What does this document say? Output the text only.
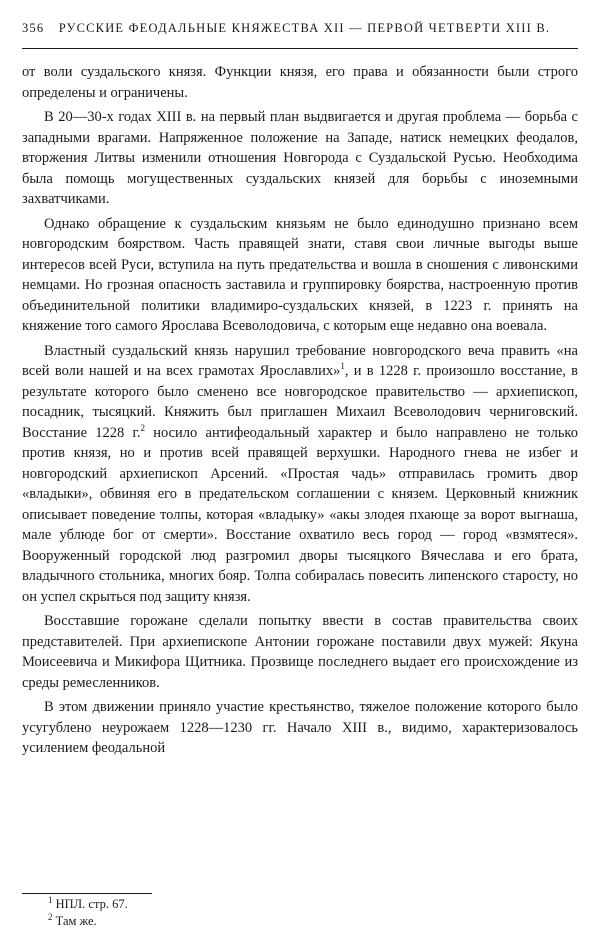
356 РУССКИЕ ФЕОДАЛЬНЫЕ КНЯЖЕСТВА XII — ПЕРВОЙ ЧЕТВЕРТИ XIII В.

от воли суздальского князя. Функции князя, его права и обязанности были строго определены и ограничены.

В 20—30-х годах XIII в. на первый план выдвигается и другая проблема — борьба с западными врагами. Напряженное положение на Западе, натиск немецких феодалов, вторжения Литвы изменили отношения Новгорода с Суздальской Русью. Необходима была помощь могущественных суздальских князей для борьбы с иноземными захватчиками.

Однако обращение к суздальским князьям не было единодушно признано всем новгородским боярством. Часть правящей знати, ставя свои личные выгоды выше интересов всей Руси, вступила на путь предательства и вошла в сношения с ливонскими немцами. Но грозная опасность заставила и группировку боярства, настроенную против объединительной политики владимиро-суздальских князей, в 1223 г. принять на княжение того самого Ярослава Всеволодовича, с которым еще недавно она воевала.

Властный суздальский князь нарушил требование новгородского веча править «на всей воли нашей и на всех грамотах Ярославлих»$^1$, и в 1228 г. произошло восстание, в результате которого было сменено все новгородское правительство — архиепископ, посадник, тысяцкий. Княжить был приглашен Михаил Всеволодович черниговский. Восстание 1228 г.$^2$ носило антифеодальный характер и было направлено не только против князя, но и против всей правящей верхушки. Народного гнева не избег и новгородский архиепископ Арсений. «Простая чадь» отправилась громить двор «владыки», обвиняя его в предательском соглашении с князем. Церковный книжник описывает поведение толпы, которая «владыку» «акы злодея пхающе за ворот выгнаша, мале ублюде бог от смерти». Восстание охватило весь город — город «взмятеся». Вооруженный городской люд разгромил дворы тысяцкого Вячеслава и его брата, владычного стольника, многих бояр. Толпа собиралась повесить липенского старосту, но он успел скрыться под защиту князя.

Восставшие горожане сделали попытку ввести в состав правительства своих представителей. При архиепископе Антонии горожане поставили двух мужей: Якуна Моисеевича и Микифора Щитника. Прозвище последнего выдает его происхождение из среды ремесленников.

В этом движении приняло участие крестьянство, тяжелое положение которого было усугублено неурожаем 1228—1230 гг. Начало XIII в., видимо, характеризовалось усилением феодальной

$^1$ НПЛ. стр. 67.
$^2$ Там же.
